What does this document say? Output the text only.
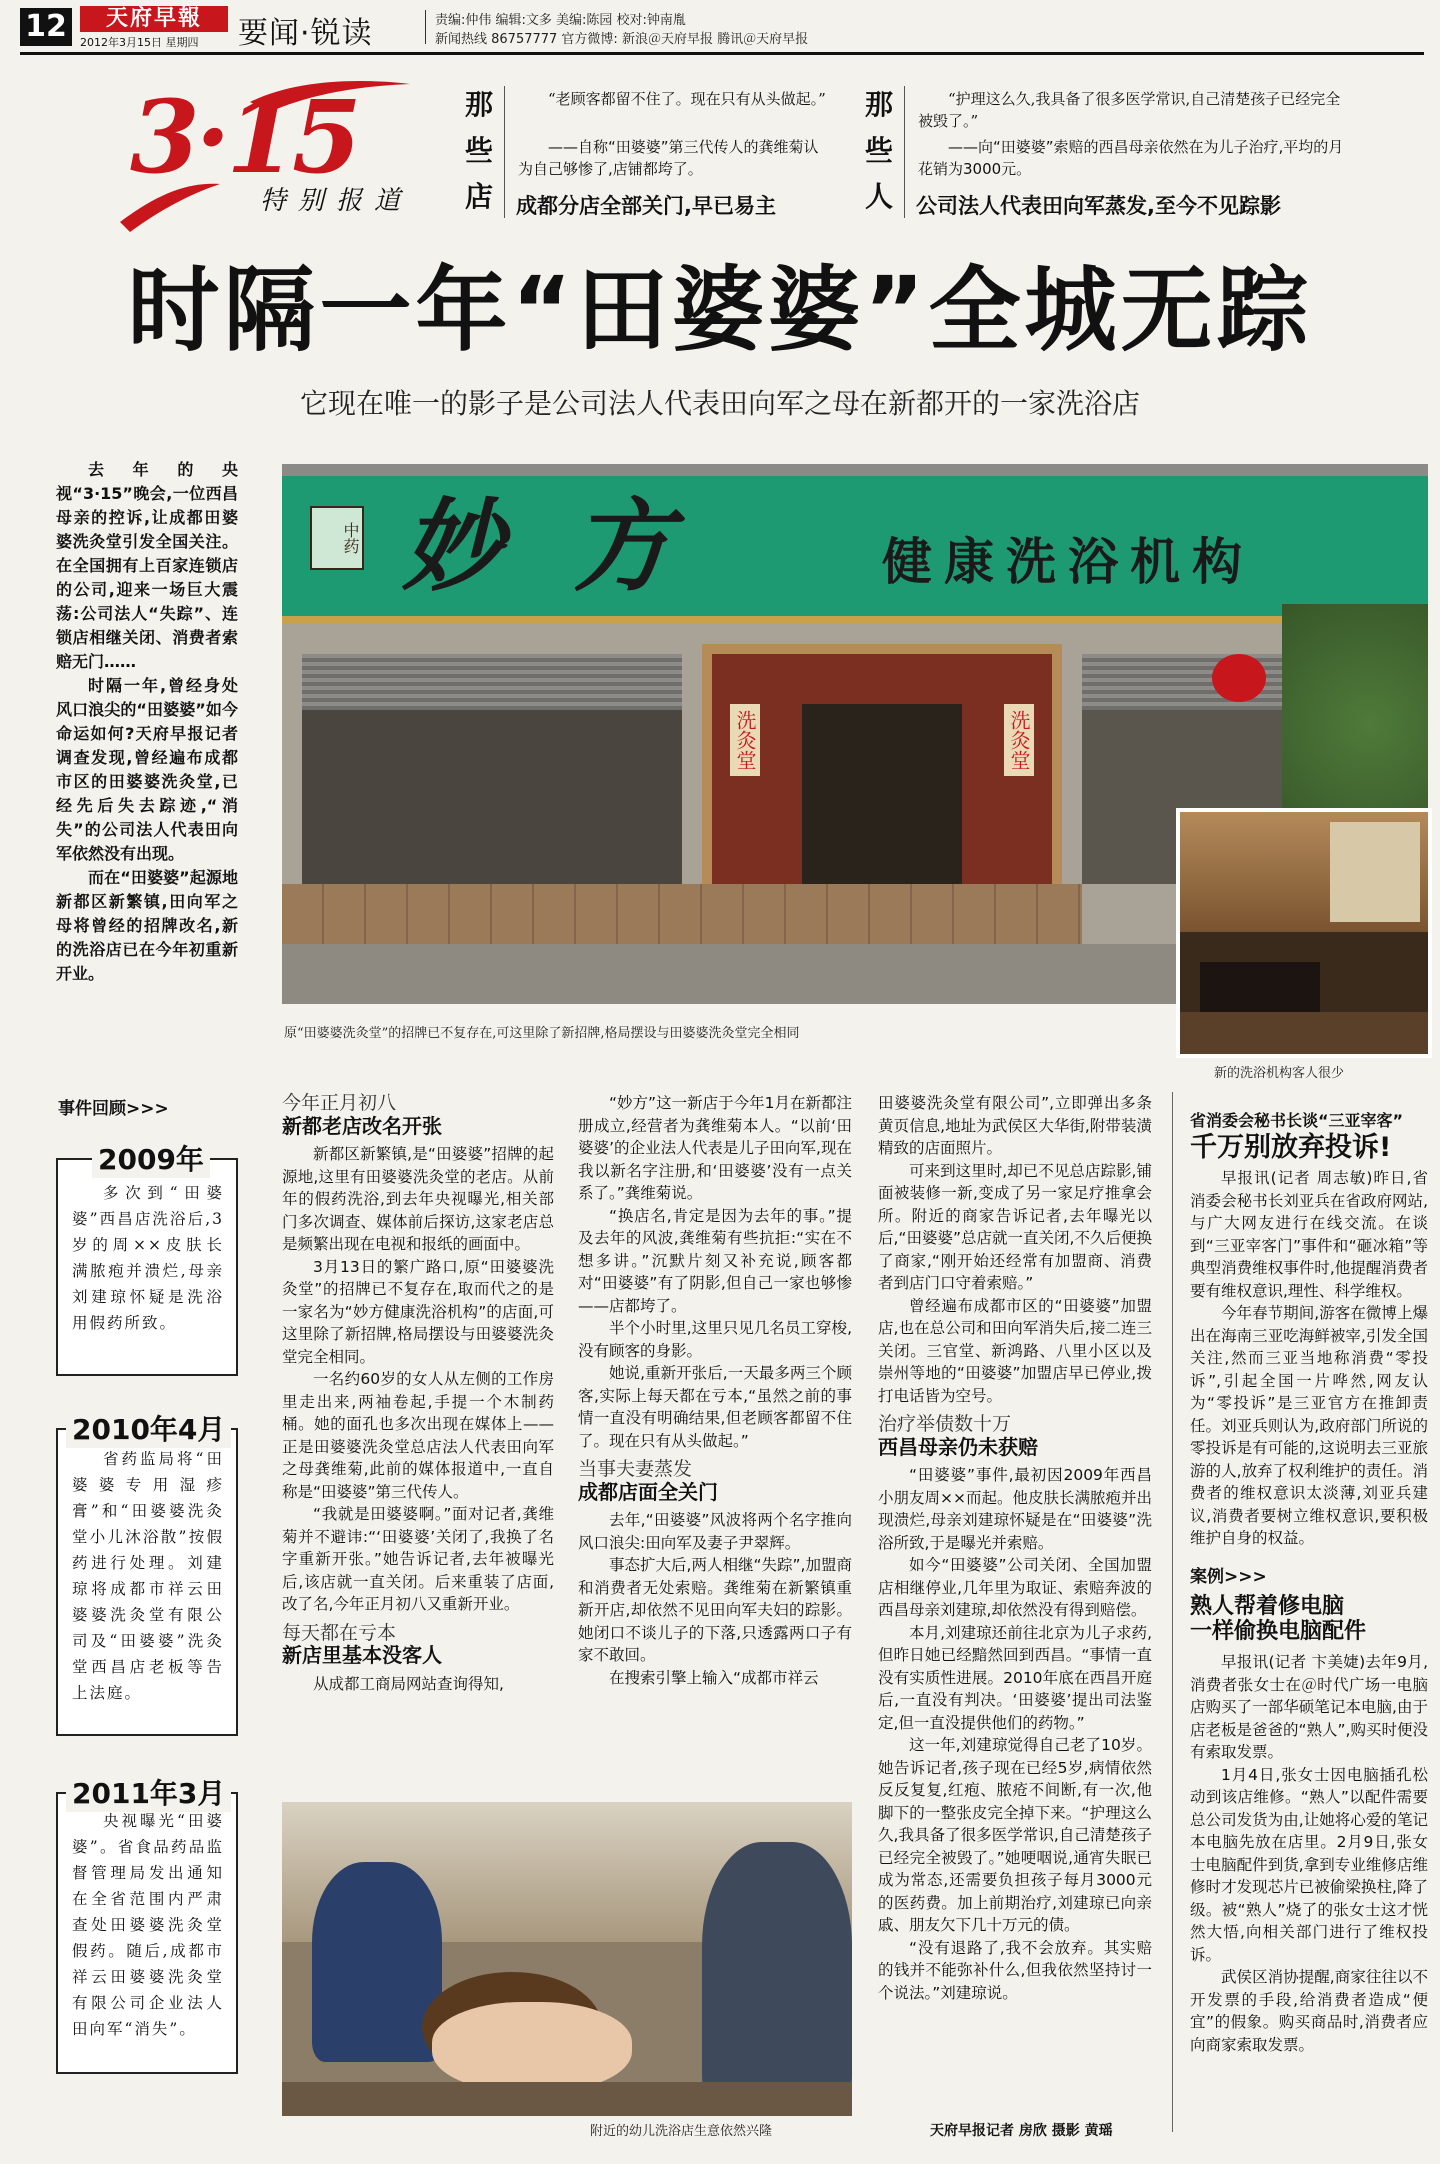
12	天府早報
2012年3月15日 星期四 要闻·锐读	责编:仲伟 编辑:文多 美编:陈园 校对:钟南胤
新闻热线 86757777 官方微博: 新浪＠天府早报 腾讯＠天府早报
3·15
特别报道
那些店
“老顾客都留不住了。现在只有从头做起。”
——自称“田婆婆”第三代传人的龚维菊认为自己够惨了,店铺都垮了。
成都分店全部关门,早已易主
那些人
“护理这么久,我具备了很多医学常识,自己清楚孩子已经完全被毁了。”
——向“田婆婆”索赔的西昌母亲依然在为儿子治疗,平均的月花销为3000元。
公司法人代表田向军蒸发,至今不见踪影
时隔一年“田婆婆”全城无踪
它现在唯一的影子是公司法人代表田向军之母在新都开的一家洗浴店

去年的央视“3·15”晚会,一位西昌母亲的控诉,让成都田婆婆洗灸堂引发全国关注。在全国拥有上百家连锁店的公司,迎来一场巨大震荡:公司法人“失踪”、连锁店相继关闭、消费者索赔无门……

时隔一年,曾经身处风口浪尖的“田婆婆”如今命运如何?天府早报记者调查发现,曾经遍布成都市区的田婆婆洗灸堂,已经先后失去踪迹,“消失”的公司法人代表田向军依然没有出现。

而在“田婆婆”起源地新都区新繁镇,田向军之母将曾经的招牌改名,新的洗浴店已在今年初重新开业。

中药 妙方	健康洗浴机构
洗灸堂	洗灸堂
原“田婆婆洗灸堂”的招牌已不复存在,可这里除了新招牌,格局摆设与田婆婆洗灸堂完全相同
新的洗浴机构客人很少
事件回顾>>>
2009年
多次到“田婆婆”西昌店洗浴后,3岁的周××皮肤长满脓疱并溃烂,母亲刘建琼怀疑是洗浴用假药所致。
2010年4月
省药监局将“田婆婆专用湿疹膏”和“田婆婆洗灸堂小儿沐浴散”按假药进行处理。刘建琼将成都市祥云田婆婆洗灸堂有限公司及“田婆婆”洗灸堂西昌店老板等告上法庭。
2011年3月
央视曝光“田婆婆”。省食品药品监督管理局发出通知在全省范围内严肃查处田婆婆洗灸堂假药。随后,成都市祥云田婆婆洗灸堂有限公司企业法人田向军“消失”。
今年正月初八
新都老店改名开张

新都区新繁镇,是“田婆婆”招牌的起源地,这里有田婆婆洗灸堂的老店。从前年的假药洗浴,到去年央视曝光,相关部门多次调查、媒体前后探访,这家老店总是频繁出现在电视和报纸的画面中。

3月13日的繁广路口,原“田婆婆洗灸堂”的招牌已不复存在,取而代之的是一家名为“妙方健康洗浴机构”的店面,可这里除了新招牌,格局摆设与田婆婆洗灸堂完全相同。

一名约60岁的女人从左侧的工作房里走出来,两袖卷起,手提一个木制药桶。她的面孔也多次出现在媒体上——正是田婆婆洗灸堂总店法人代表田向军之母龚维菊,此前的媒体报道中,一直自称是“田婆婆”第三代传人。

“我就是田婆婆啊。”面对记者,龚维菊并不避讳:“‘田婆婆’关闭了,我换了名字重新开张。”她告诉记者,去年被曝光后,该店就一直关闭。后来重装了店面,改了名,今年正月初八又重新开业。

每天都在亏本
新店里基本没客人

从成都工商局网站查询得知,

“妙方”这一新店于今年1月在新都注册成立,经营者为龚维菊本人。“以前‘田婆婆’的企业法人代表是儿子田向军,现在我以新名字注册,和‘田婆婆’没有一点关系了。”龚维菊说。

“换店名,肯定是因为去年的事。”提及去年的风波,龚维菊有些抗拒:“实在不想多讲。”沉默片刻又补充说,顾客都对“田婆婆”有了阴影,但自己一家也够惨——店都垮了。

半个小时里,这里只见几名员工穿梭,没有顾客的身影。

她说,重新开张后,一天最多两三个顾客,实际上每天都在亏本,“虽然之前的事情一直没有明确结果,但老顾客都留不住了。现在只有从头做起。”

当事夫妻蒸发
成都店面全关门

去年,“田婆婆”风波将两个名字推向风口浪尖:田向军及妻子尹翠辉。

事态扩大后,两人相继“失踪”,加盟商和消费者无处索赔。龚维菊在新繁镇重新开店,却依然不见田向军夫妇的踪影。她闭口不谈儿子的下落,只透露两口子有家不敢回。

在搜索引擎上输入“成都市祥云

附近的幼儿洗浴店生意依然兴隆

田婆婆洗灸堂有限公司”,立即弹出多条黄页信息,地址为武侯区大华街,附带装潢精致的店面照片。

可来到这里时,却已不见总店踪影,铺面被装修一新,变成了另一家足疗推拿会所。附近的商家告诉记者,去年曝光以后,“田婆婆”总店就一直关闭,不久后便换了商家,“刚开始还经常有加盟商、消费者到店门口守着索赔。”

曾经遍布成都市区的“田婆婆”加盟店,也在总公司和田向军消失后,接二连三关闭。三官堂、新鸿路、八里小区以及崇州等地的“田婆婆”加盟店早已停业,拨打电话皆为空号。

治疗举债数十万
西昌母亲仍未获赔

“田婆婆”事件,最初因2009年西昌小朋友周××而起。他皮肤长满脓疱并出现溃烂,母亲刘建琼怀疑是在“田婆婆”洗浴所致,于是曝光并索赔。

如今“田婆婆”公司关闭、全国加盟店相继停业,几年里为取证、索赔奔波的西昌母亲刘建琼,却依然没有得到赔偿。

本月,刘建琼还前往北京为儿子求药,但昨日她已经黯然回到西昌。“事情一直没有实质性进展。2010年底在西昌开庭后,一直没有判决。‘田婆婆’提出司法鉴定,但一直没提供他们的药物。”

这一年,刘建琼觉得自己老了10岁。她告诉记者,孩子现在已经5岁,病情依然反反复复,红疱、脓疮不间断,有一次,他脚下的一整张皮完全掉下来。“护理这么久,我具备了很多医学常识,自己清楚孩子已经完全被毁了。”她哽咽说,通宵失眠已成为常态,还需要负担孩子每月3000元的医药费。加上前期治疗,刘建琼已向亲戚、朋友欠下几十万元的债。

“没有退路了,我不会放弃。其实赔的钱并不能弥补什么,但我依然坚持讨一个说法。”刘建琼说。

天府早报记者 房欣 摄影 黄瑶
省消委会秘书长谈“三亚宰客”
千万别放弃投诉!

早报讯(记者 周志敏)昨日,省消委会秘书长刘亚兵在省政府网站,与广大网友进行在线交流。在谈到“三亚宰客门”事件和“砸冰箱”等典型消费维权事件时,他提醒消费者要有维权意识,理性、科学维权。

今年春节期间,游客在微博上爆出在海南三亚吃海鲜被宰,引发全国关注,然而三亚当地称消费“零投诉”,引起全国一片哗然,网友认为“零投诉”是三亚官方在推卸责任。刘亚兵则认为,政府部门所说的零投诉是有可能的,这说明去三亚旅游的人,放弃了权利维护的责任。消费者的维权意识太淡薄,刘亚兵建议,消费者要树立维权意识,要积极维护自身的权益。

案例>>>
熟人帮着修电脑
一样偷换电脑配件

早报讯(记者 卞美婕)去年9月,消费者张女士在＠时代广场一电脑店购买了一部华硕笔记本电脑,由于店老板是爸爸的“熟人”,购买时便没有索取发票。

1月4日,张女士因电脑插孔松动到该店维修。“熟人”以配件需要总公司发货为由,让她将心爱的笔记本电脑先放在店里。2月9日,张女士电脑配件到货,拿到专业维修店维修时才发现芯片已被偷梁换柱,降了级。被“熟人”烧了的张女士这才恍然大悟,向相关部门进行了维权投诉。

武侯区消协提醒,商家往往以不开发票的手段,给消费者造成“便宜”的假象。购买商品时,消费者应向商家索取发票。
